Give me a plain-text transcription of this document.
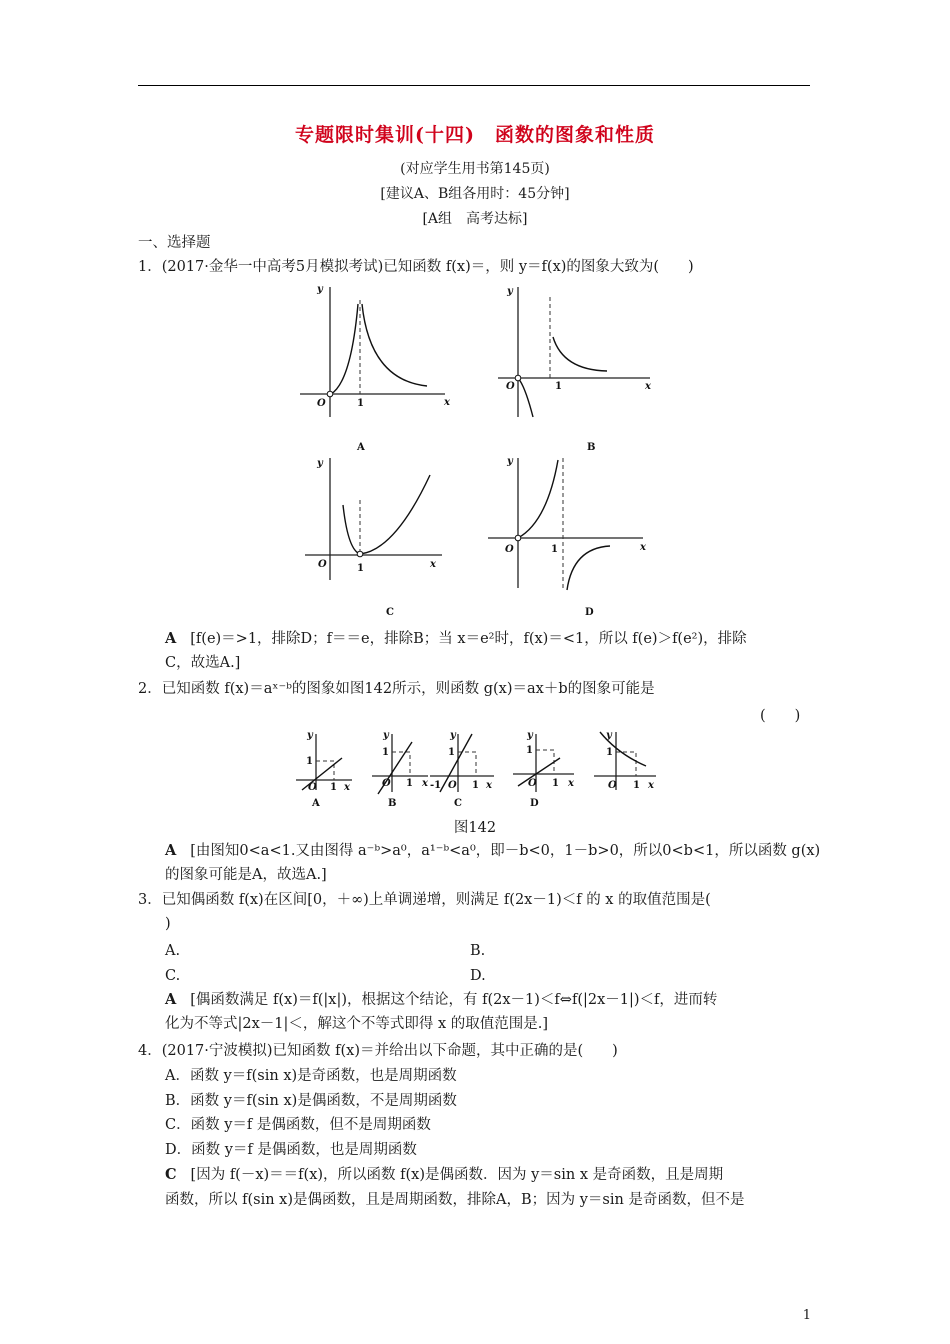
专题限时集训(十四)　函数的图象和性质
(对应学生用书第145页)
[建议A、B组各用时：45分钟]
[A组　高考达标]
一、选择题
1．(2017·金华一中高考5月模拟考试)已知函数 f(x)＝，则 y＝f(x)的图象大致为(　　)
y
x
O	1
A
y
x
O	1
B
y
x
O	1
C
y
x
O	1
D
A [f(e)＝>1，排除D；f＝＝e，排除B；当 x＝e²时，f(x)＝<1，所以 f(e)＞f(e²)，排除
C，故选A.]
2．已知函数 f(x)＝aˣ⁻ᵇ的图象如图142所示，则函数 g(x)＝ax＋b的图象可能是
(　　)
y
1
O 1 x
A
y
1
O 1 x
B
y
1
-1 O 1 x
C
y
1
O 1 x
D
y
1
O 1 x
图142
A [由图知0<a<1.又由图得 a⁻ᵇ>a⁰，a¹⁻ᵇ<a⁰，即－b<0，1－b>0，所以0<b<1，所以函数 g(x)
的图象可能是A，故选A.]
3．已知偶函数 f(x)在区间[0，＋∞)上单调递增，则满足 f(2x－1)＜f 的 x 的取值范围是(
)
A.	B.
C.	D.
A [偶函数满足 f(x)＝f(|x|)，根据这个结论，有 f(2x－1)＜f⇔f(|2x－1|)＜f，进而转
化为不等式|2x－1|＜，解这个不等式即得 x 的取值范围是.]
4．(2017·宁波模拟)已知函数 f(x)＝并给出以下命题，其中正确的是(　　)
A．函数 y＝f(sin x)是奇函数，也是周期函数
B．函数 y＝f(sin x)是偶函数，不是周期函数
C．函数 y＝f 是偶函数，但不是周期函数
D．函数 y＝f 是偶函数，也是周期函数
C [因为 f(－x)＝＝f(x)，所以函数 f(x)是偶函数．因为 y＝sin x 是奇函数，且是周期
函数，所以 f(sin x)是偶函数，且是周期函数，排除A，B；因为 y＝sin 是奇函数，但不是
1
